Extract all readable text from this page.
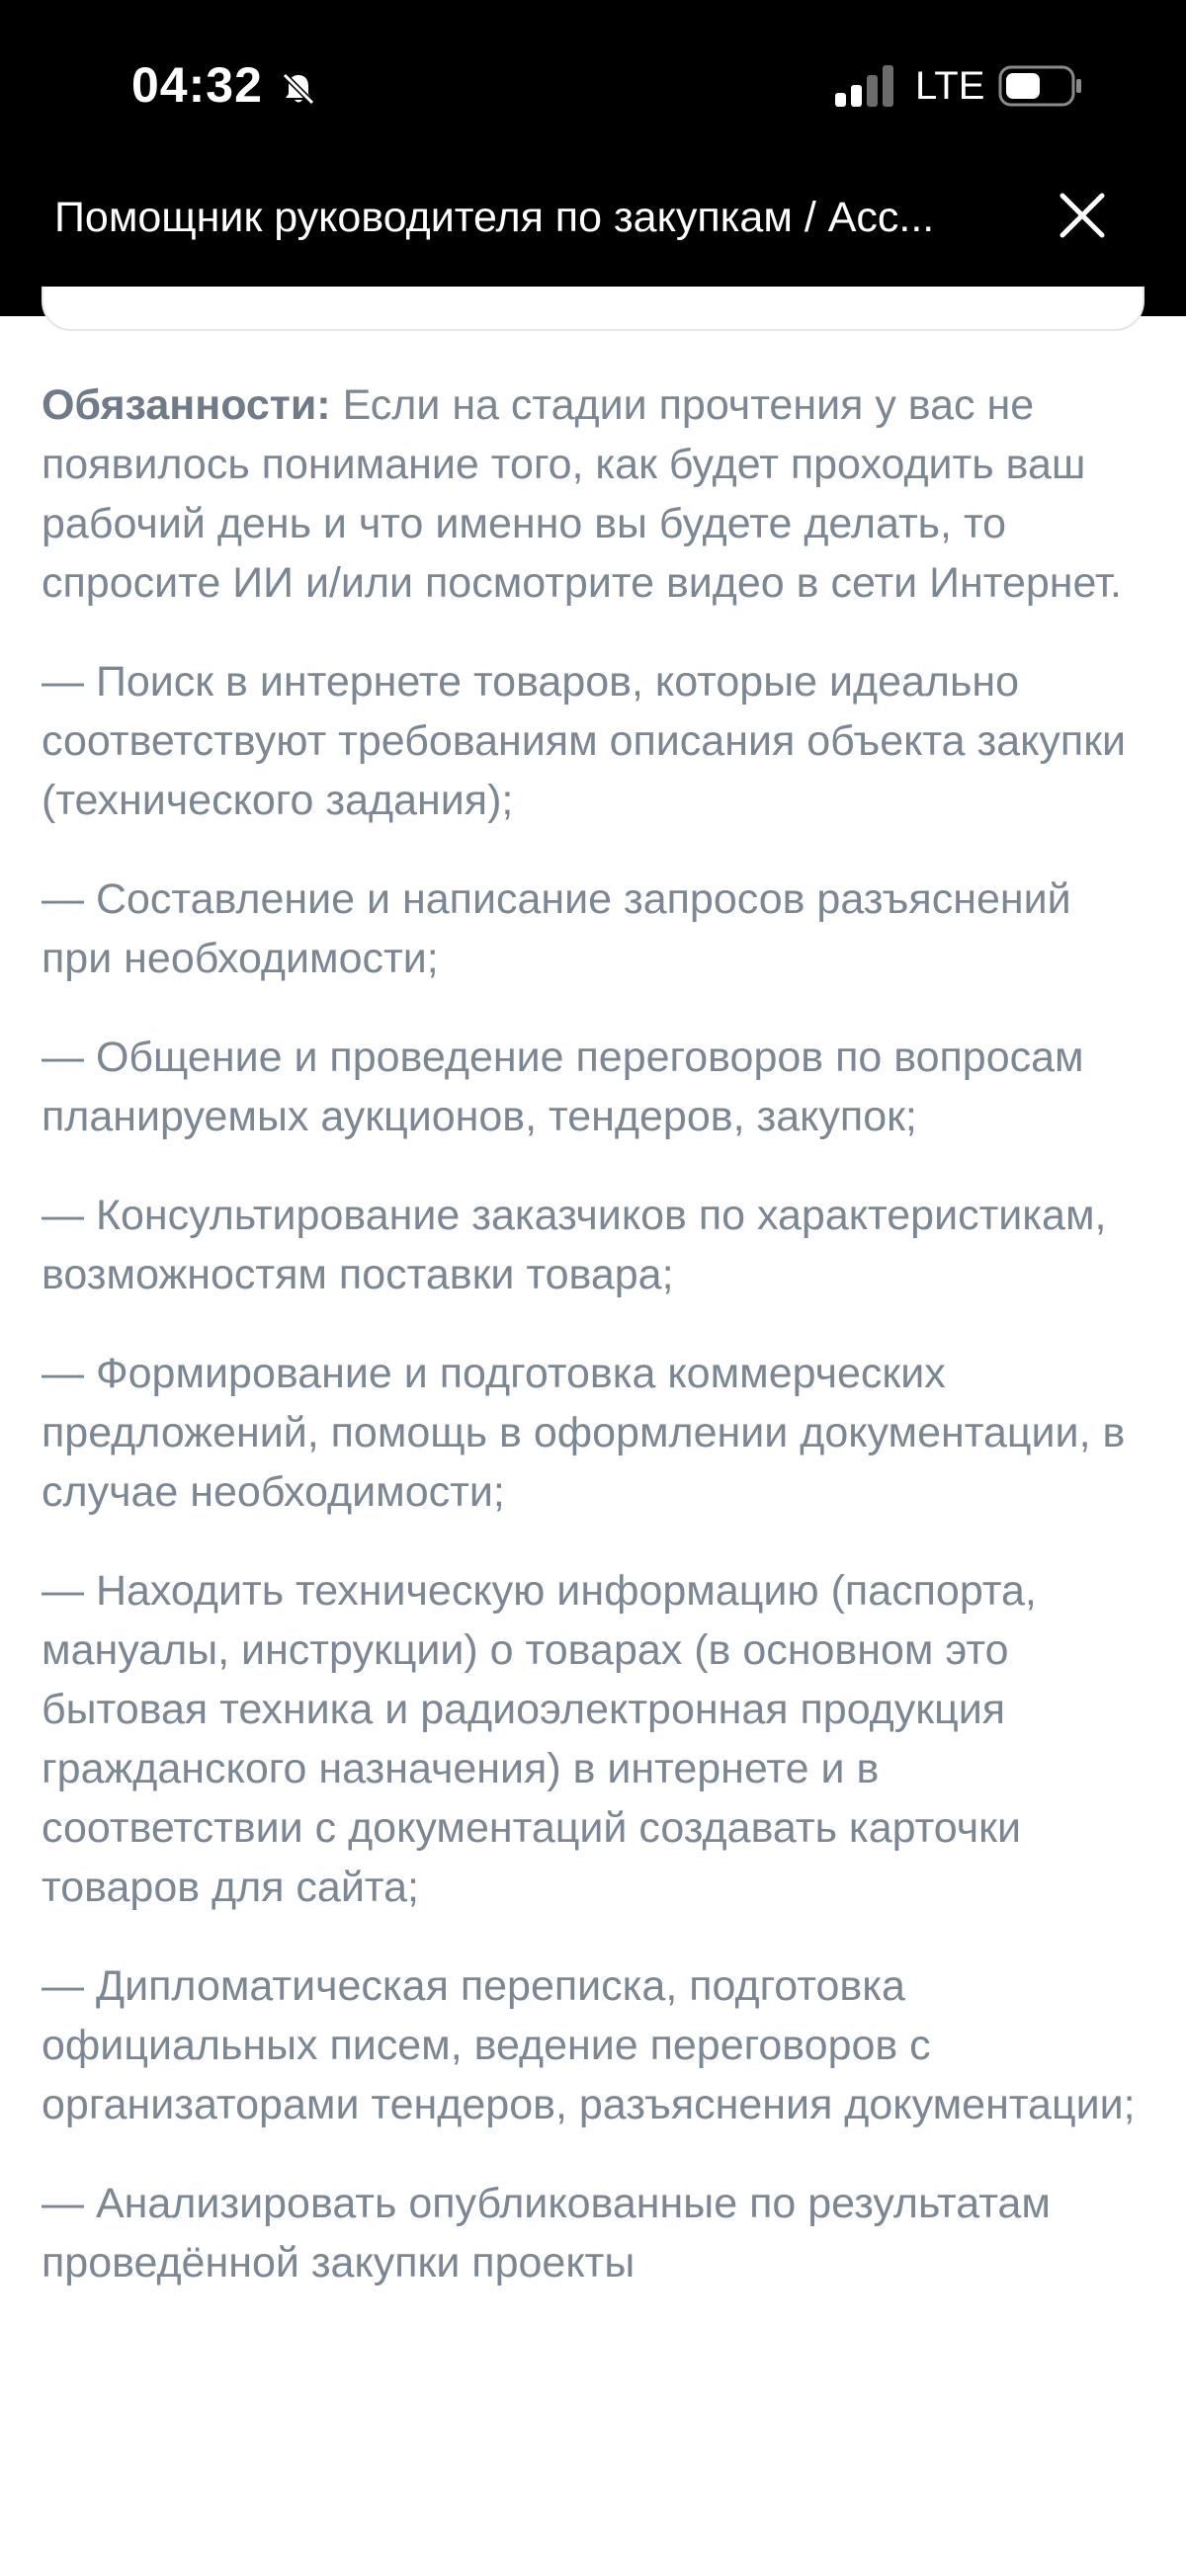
04:32	LTE
Помощник руководителя по закупкам / Асс...

Обязанности: Если на стадии прочтения у вас не появилось понимание того, как будет проходить ваш рабочий день и что именно вы будете делать, то спросите ИИ и/или посмотрите видео в сети Интернет.

— Поиск в интернете товаров, которые идеально соответствуют требованиям описания объекта закупки (технического задания);

— Составление и написание запросов разъяснений при необходимости;

— Общение и проведение переговоров по вопросам планируемых аукционов, тендеров, закупок;

— Консультирование заказчиков по характеристикам, возможностям поставки товара;

— Формирование и подготовка коммерческих предложений, помощь в оформлении документации, в случае необходимости;

— Находить техническую информацию (паспорта, мануалы, инструкции) о товарах (в основном это бытовая техника и радиоэлектронная продукция гражданского назначения) в интернете и в соответствии с документаций создавать карточки товаров для сайта;

— Дипломатическая переписка, подготовка официальных писем, ведение переговоров с организаторами тендеров, разъяснения документации;

— Анализировать опубликованные по результатам проведённой закупки проекты
